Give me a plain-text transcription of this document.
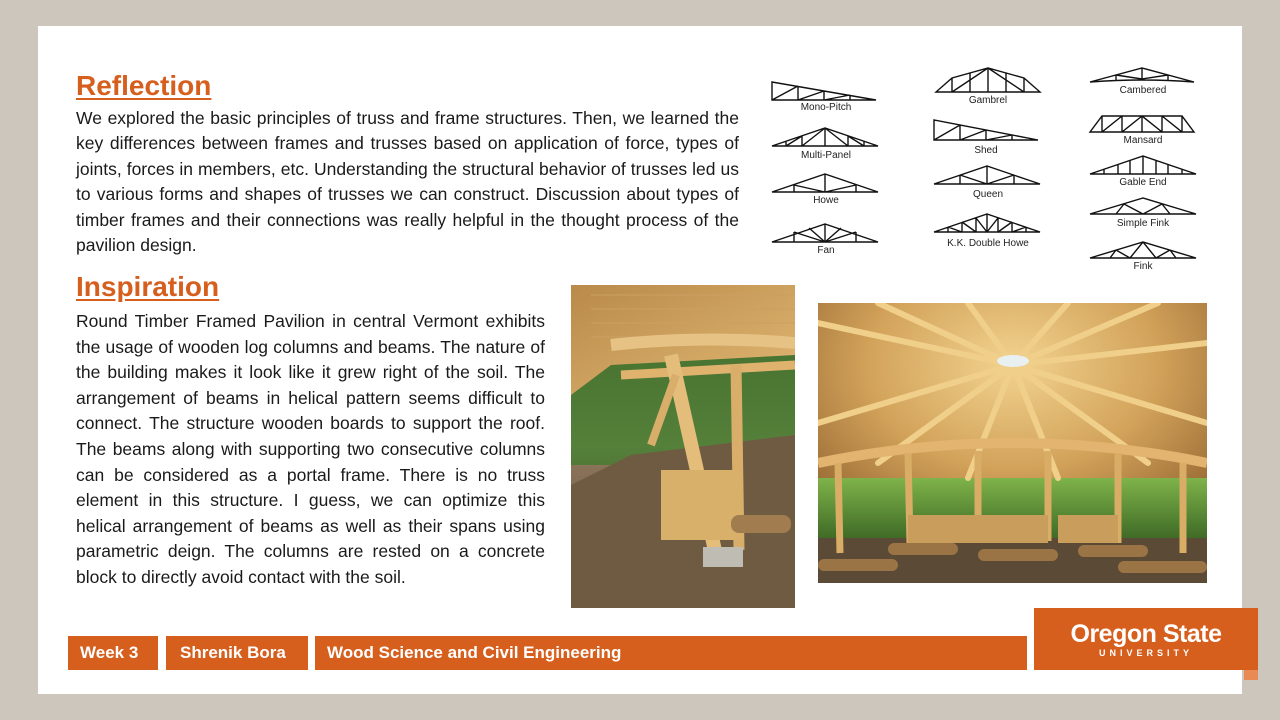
Reflection

We explored the basic principles of truss and frame structures. Then, we learned the key differences between frames and trusses based on application of force, types of joints, forces in members, etc. Understanding the structural behavior of trusses led us to various forms and shapes of trusses we can construct. Discussion about types of timber frames and their connections was really helpful in the thought process of the pavilion design.

Inspiration

Round Timber Framed Pavilion in central Vermont exhibits the usage of wooden log columns and beams. The nature of the building makes it look like it grew right of the soil. The arrangement of beams in helical pattern seems difficult to connect. The structure wooden boards to support the roof. The beams along with supporting two consecutive columns can be considered as a portal frame. There is no truss element in this structure. I guess, we can optimize this helical arrangement of beams as well as their spans using parametric deign. The columns are rested on a concrete block to directly avoid contact with the soil.

Mono-Pitch
Multi-Panel
Howe
Fan
Gambrel
Shed
Queen
K.K. Double Howe
Cambered
Mansard
Gable End
Simple Fink
Fink
Week 3	Shrenik Bora	Wood Science and Civil Engineering
Oregon State
UNIVERSITY
